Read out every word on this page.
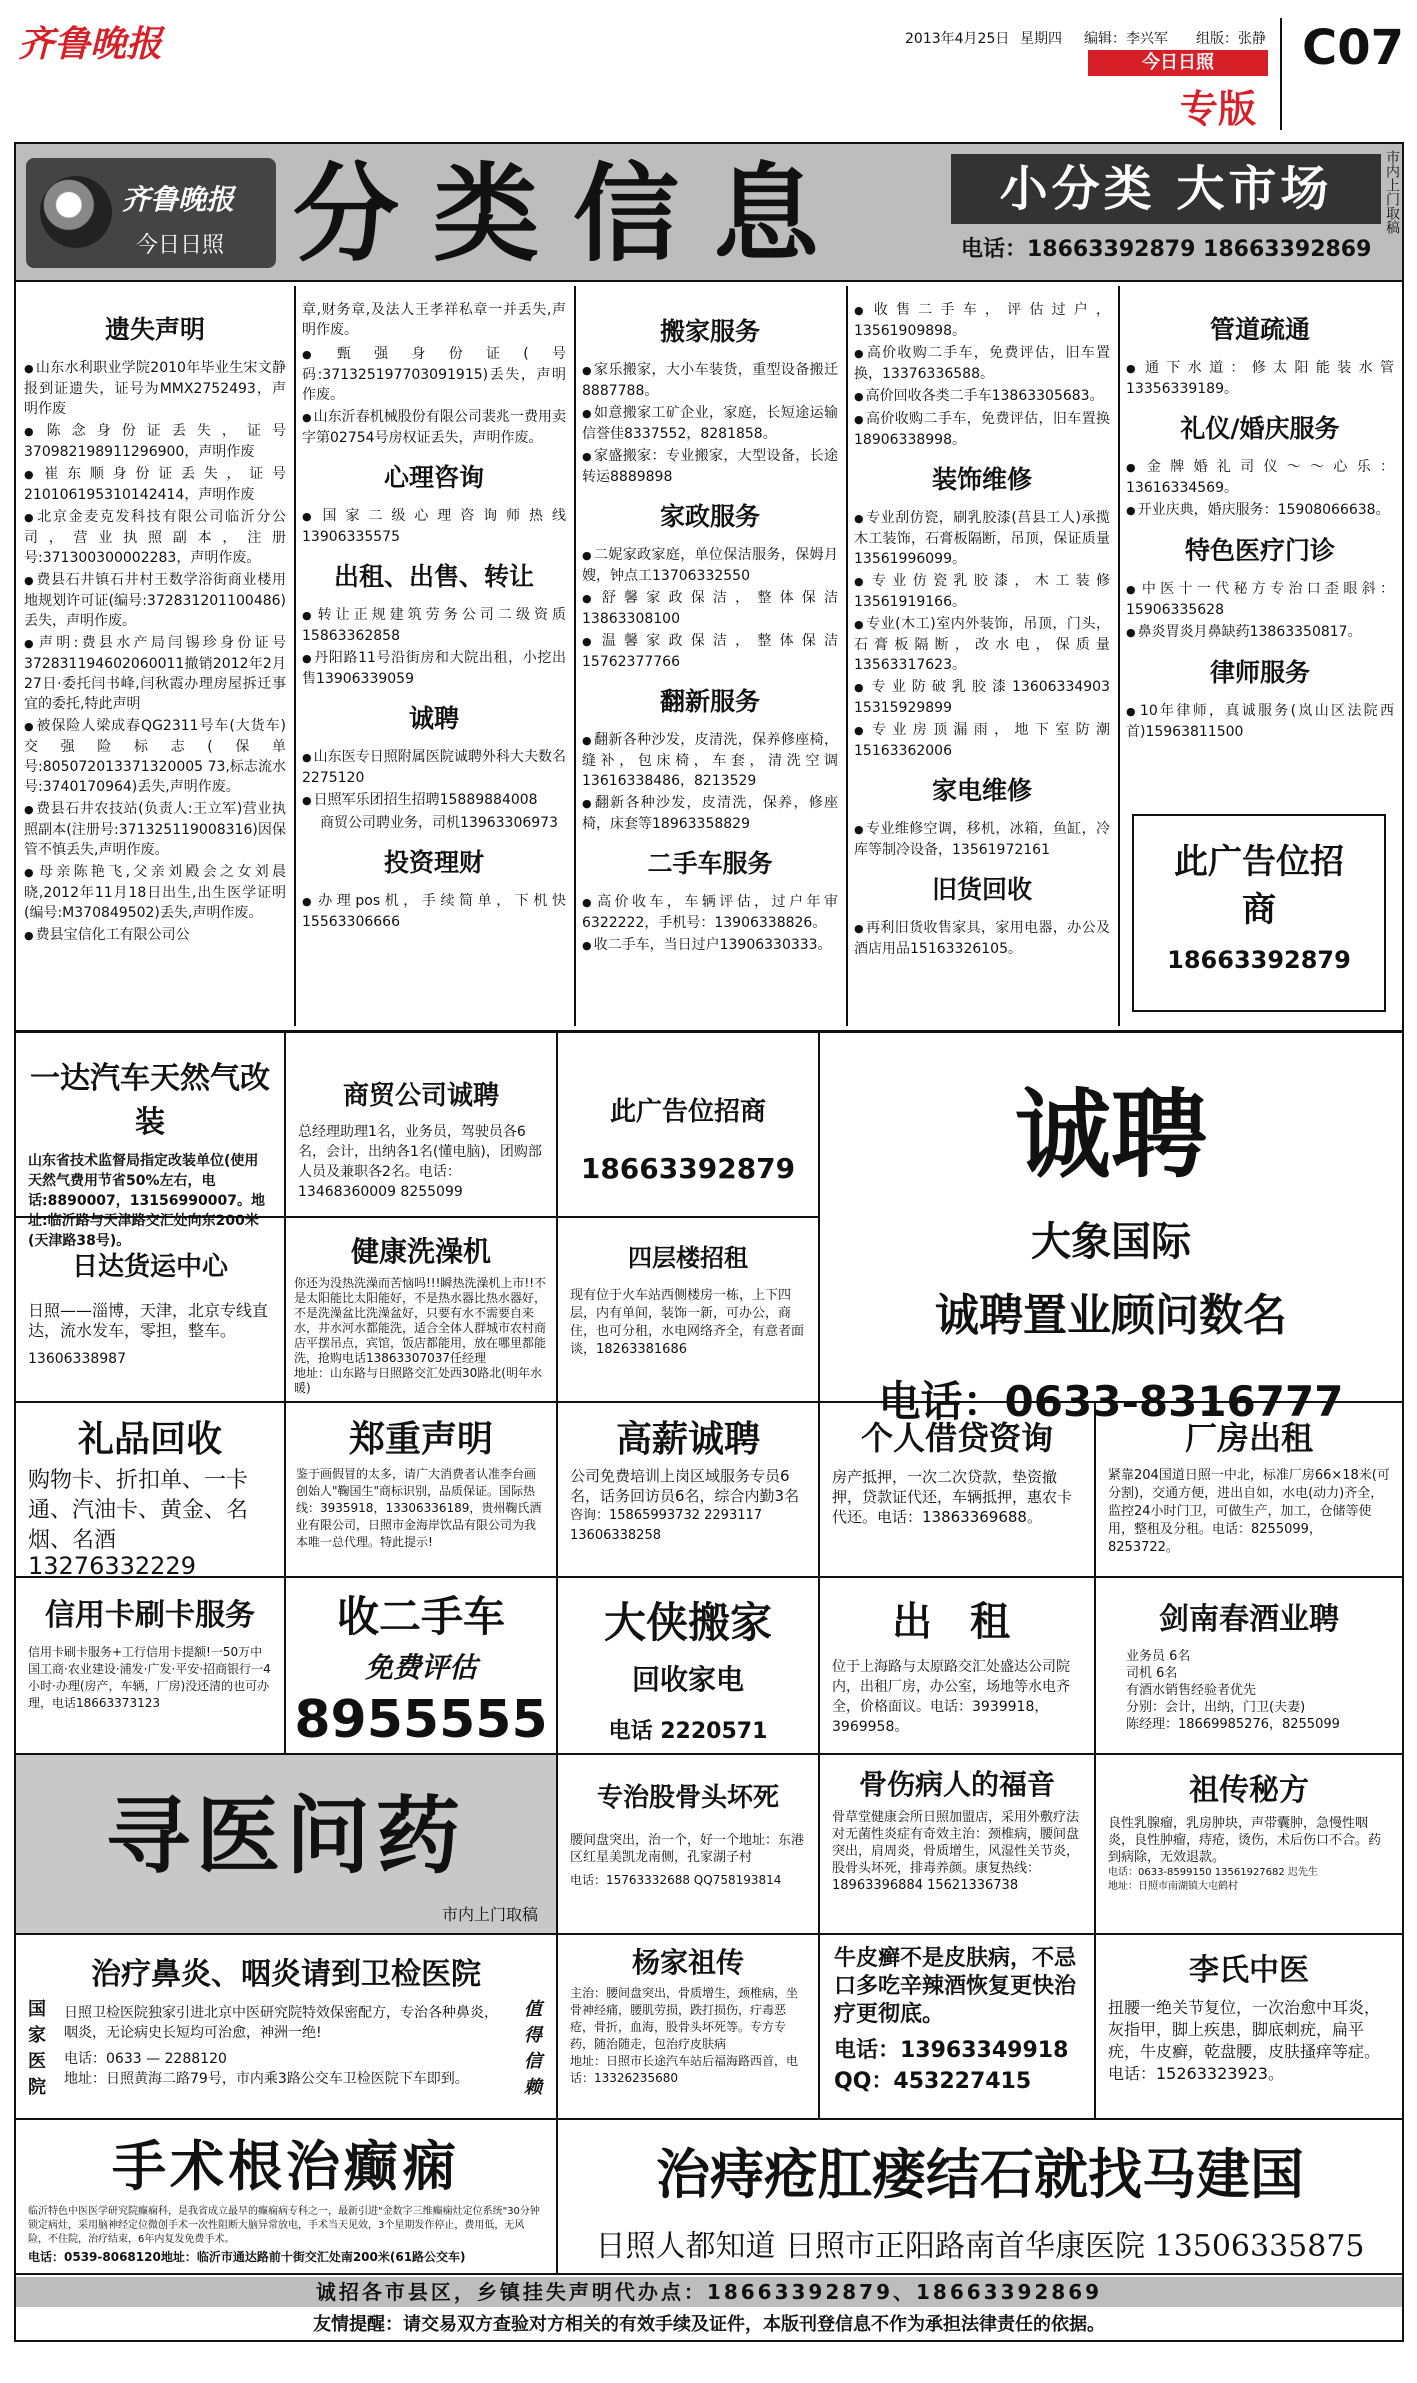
齐鲁晚报	2013年4月25日 星期四 编辑：李兴军 组版：张静
今日日照
专版
C07
齐鲁晚报
今日日照 分类信息	小分类 大市场
电话：18663392879 18663392869
市内上门取稿
遗失声明

● 山东水利职业学院2010年毕业生宋文静报到证遗失，证号为MMX2752493，声明作废

● 陈念身份证丢失，证号370982198911296900，声明作废

● 崔东顺身份证丢失，证号210106195310142414，声明作废

● 北京金麦克发科技有限公司临沂分公司，营业执照副本，注册号:371300300002283，声明作废。

● 费县石井镇石井村王数学浴街商业楼用地规划许可证(编号:372831201100486)丢失，声明作废。

● 声明:费县水产局闫锡珍身份证号372831194602060011撤销2012年2月27日·委托闫书峰,闫秋霞办理房屋拆迁事宜的委托,特此声明

● 被保险人梁成春QG2311号车(大货车)交强险标志(保单号:805072013371320005 73,标志流水号:3740170964)丢失,声明作废。

● 费县石井农技站(负责人:王立军)营业执照副本(注册号:371325119008316)因保管不慎丢失,声明作废。

● 母亲陈艳飞,父亲刘殿会之女刘晨晓,2012年11月18日出生,出生医学证明(编号:M370849502)丢失,声明作废。

● 费县宝信化工有限公司公

章,财务章,及法人王孝祥私章一并丢失,声明作废。

● 甄强身份证(号码:371325197703091915)丢失，声明作废。

● 山东沂春机械股份有限公司裴兆一费用卖字第02754号房权证丢失，声明作废。

心理咨询

● 国家二级心理咨询师热线 13906335575

出租、出售、转让

● 转让正规建筑劳务公司二级资质15863362858

● 丹阳路11号沿街房和大院出租，小挖出售13906339059

诚聘

● 山东医专日照附属医院诚聘外科大夫数名2275120

● 日照军乐团招生招聘15889884008

商贸公司聘业务，司机13963306973
投资理财

● 办理pos机，手续简单，下机快15563306666

搬家服务

● 家乐搬家，大小车装货，重型设备搬迁8887788。

● 如意搬家工矿企业，家庭，长短途运输信誉佳8337552，8281858。

● 家盛搬家：专业搬家，大型设备，长途转运8889898

家政服务

● 二妮家政家庭，单位保洁服务，保姆月嫂，钟点工13706332550

● 舒馨家政保洁，整体保洁13863308100

● 温馨家政保洁，整体保洁15762377766

翻新服务

● 翻新各种沙发，皮清洗，保养修座椅，缝补，包床椅，车套，清洗空调13616338486，8213529

● 翻新各种沙发，皮清洗，保养，修座椅，床套等18963358829

二手车服务

● 高价收车，车辆评估，过户年审6322222，手机号：13906338826。

● 收二手车，当日过户13906330333。

● 收售二手车，评估过户，13561909898。

● 高价收购二手车，免费评估，旧车置换，13376336588。

● 高价回收各类二手车13863305683。

● 高价收购二手车，免费评估，旧车置换18906338998。

装饰维修

● 专业刮仿瓷，刷乳胶漆(莒县工人)承揽木工装饰，石膏板隔断，吊顶，保证质量13561996099。

● 专业仿瓷乳胶漆，木工装修13561919166。

● 专业(木工)室内外装饰，吊顶，门头，石膏板隔断，改水电，保质量13563317623。

● 专业防破乳胶漆13606334903 15315929899

● 专业房顶漏雨，地下室防潮15163362006

家电维修

● 专业维修空调，移机，冰箱，鱼缸，冷库等制冷设备，13561972161

旧货回收

● 再利旧货收售家具，家用电器，办公及酒店用品15163326105。

管道疏通

● 通下水道：修太阳能装水管13356339189。

礼仪/婚庆服务

● 金牌婚礼司仪～～心乐：13616334569。

● 开业庆典，婚庆服务：15908066638。

特色医疗门诊

● 中医十一代秘方专治口歪眼斜：15906335628

● 鼻炎胃炎月鼻缺药13863350817。

律师服务

● 10年律师，真诚服务(岚山区法院西首)15963811500

此广告位招商
18663392879
一达汽车天然气改装
山东省技术监督局指定改装单位(使用天然气费用节省50%左右，电话:8890007，13156990007。地址:临沂路与天津路交汇处向东200米(天津路38号)。
商贸公司诚聘
总经理助理1名，业务员，驾驶员各6名，会计，出纳各1名(懂电脑)，团购部人员及兼职各2名。电话：13468360009 8255099
此广告位招商
18663392879	诚聘
大象国际
诚聘置业顾问数名
电话：0633-8316777
日达货运中心
日照——淄博，天津，北京专线直达，流水发车，零担，整车。
13606338987
健康洗澡机
你还为没热洗澡而苦恼吗!!!瞬热洗澡机上市!!不是太阳能比太阳能好，不是热水器比热水器好，不是洗澡盆比洗澡盆好，只要有水不需要自来水，井水河水都能洗，适合全体人群城市农村商店平摆吊点，宾馆，饭店都能用，放在哪里都能洗，抢购电话13863307037任经理
地址：山东路与日照路交汇处西30路北(明年水暖)
四层楼招租
现有位于火车站西侧楼房一栋，上下四层，内有单间，装饰一新，可办公，商住，也可分租，水电网络齐全，有意者面谈，18263381686
礼品回收
购物卡、折扣单、一卡通、汽油卡、黄金、名烟、名酒
13276332229
郑重声明
鉴于画假冒的太多，请广大消费者认准李台画创始人"鞠国生"商标识别，品质保证。国际热线：3935918，13306336189，贵州鞠氏酒业有限公司，日照市金海岸饮品有限公司为我本唯一总代理。特此提示!
高薪诚聘
公司免费培训上岗区域服务专员6名，话务回访员6名，综合内勤3名
咨询：15865993732 2293117
13606338258
个人借贷资询
房产抵押，一次二次贷款，垫资撤押，贷款证代还，车辆抵押，惠农卡代还。电话：13863369688。
厂房出租
紧靠204国道日照一中北，标准厂房66×18米(可分割)，交通方便，进出自如，水电(动力)齐全，监控24小时门卫，可做生产，加工，仓储等使用，整租及分租。电话：8255099，8253722。
信用卡刷卡服务
信用卡刷卡服务+工行信用卡提额!一50万中国工商·农业建设·浦发·广发·平安·招商银行一4小时·办理(房产，车辆，厂房)没还清的也可办理，电话18663373123
收二手车
免费评估
8955555
大侠搬家
回收家电
电话 2220571
出 租
位于上海路与太原路交汇处盛达公司院内，出租厂房，办公室，场地等水电齐全，价格面议。电话：3939918，3969958。
剑南春酒业聘
业务员 6名
司机 6名
有酒水销售经验者优先
分别：会计，出纳，门卫(夫妻)
陈经理：18669985276，8255099
寻医问药
市内上门取稿
专治股骨头坏死
腰间盘突出，治一个，好一个地址：东港区红星美凯龙南侧，孔家湖子村
电话：15763332688 QQ758193814
骨伤病人的福音
骨草堂健康会所日照加盟店，采用外敷疗法对无菌性炎症有奇效主治：颈椎病，腰间盘突出，肩周炎，骨质增生，风湿性关节炎，股骨头坏死，排毒养颜。康复热线：18963396884 15621336738
祖传秘方
良性乳腺瘤，乳房肿块，声带囊肿，急慢性咽炎，良性肿瘤，痔疮，烫伤，术后伤口不合。药到病除，无效退款。
电话：0633-8599150 13561927682 迟先生
地址：日照市南湖镇大屯鹤村
治疗鼻炎、咽炎请到卫检医院
国家医院
值得信赖
日照卫检医院独家引进北京中医研究院特效保密配方，专治各种鼻炎，咽炎，无论病史长短均可治愈，神洲一绝!
电话：0633 — 2288120
地址：日照黄海二路79号，市内乘3路公交车卫检医院下车即到。
杨家祖传
主治：腰间盘突出，骨质增生，颈椎病，坐骨神经痛，腰肌劳损，跌打损伤，疔毒恶疮，骨折，血海，股骨头坏死等。专方专药，随治随走，包治疗皮肤病
地址：日照市长途汽车站后福海路西首，电话：13326235680
牛皮癣不是皮肤病，不忌口多吃辛辣酒恢复更快治疗更彻底。
电话：13963349918
QQ：453227415
李氏中医
扭腰一绝关节复位，一次治愈中耳炎，灰指甲，脚上疾患，脚底刺疣，扁平疣，牛皮癣，乾盘腰，皮肤搔痒等症。电话：15263323923。
手术根治癫痫
临沂特色中医医学研究院癫痫科，是我省成立最早的癫痫病专科之一，最新引进"金数字三维癫痫灶定位系统"30分钟锁定病灶，采用脑神经定位微创手术一次性阻断大脑异常放电，手术当天见效，3个星期发作停止，费用低，无风险，不住院，治疗结束，6年内复发免费手术。
电话：0539-8068120地址：临沂市通达路前十街交汇处南200米(61路公交车)
治痔疮肛瘘结石就找马建国
日照人都知道 日照市正阳路南首华康医院 13506335875
诚招各市县区，乡镇挂失声明代办点：18663392879、18663392869
友情提醒：请交易双方查验对方相关的有效手续及证件，本版刊登信息不作为承担法律责任的依据。
